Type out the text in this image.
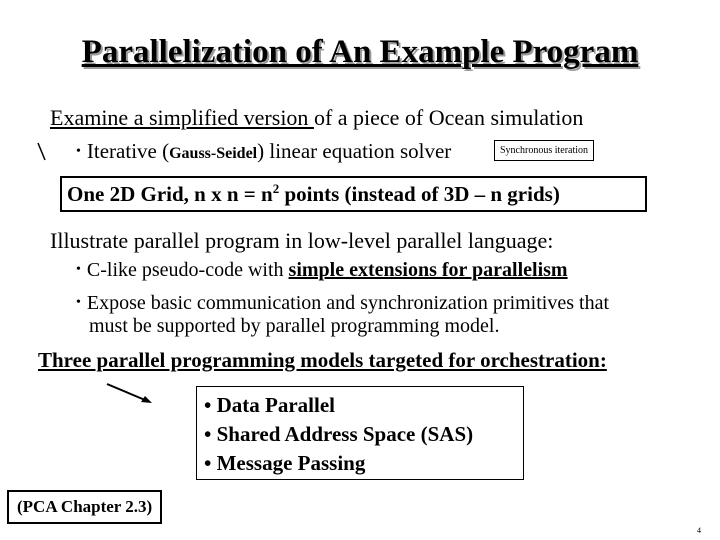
Parallelization of An Example Program
Examine a simplified version of a piece of Ocean simulation
• Iterative (Gauss-Seidel) linear equation solver	Synchronous iteration
One 2D Grid, n x $n = n^2$ points (instead of 3D – n grids)
Illustrate parallel program in low-level parallel language:
• C-like pseudo-code with simple extensions for parallelism
• Expose basic communication and synchronization primitives that
must be supported by parallel programming model.
Three parallel programming models targeted for orchestration:
• Data Parallel
• Shared Address Space (SAS)
• Message Passing
(PCA Chapter 2.3)
4
